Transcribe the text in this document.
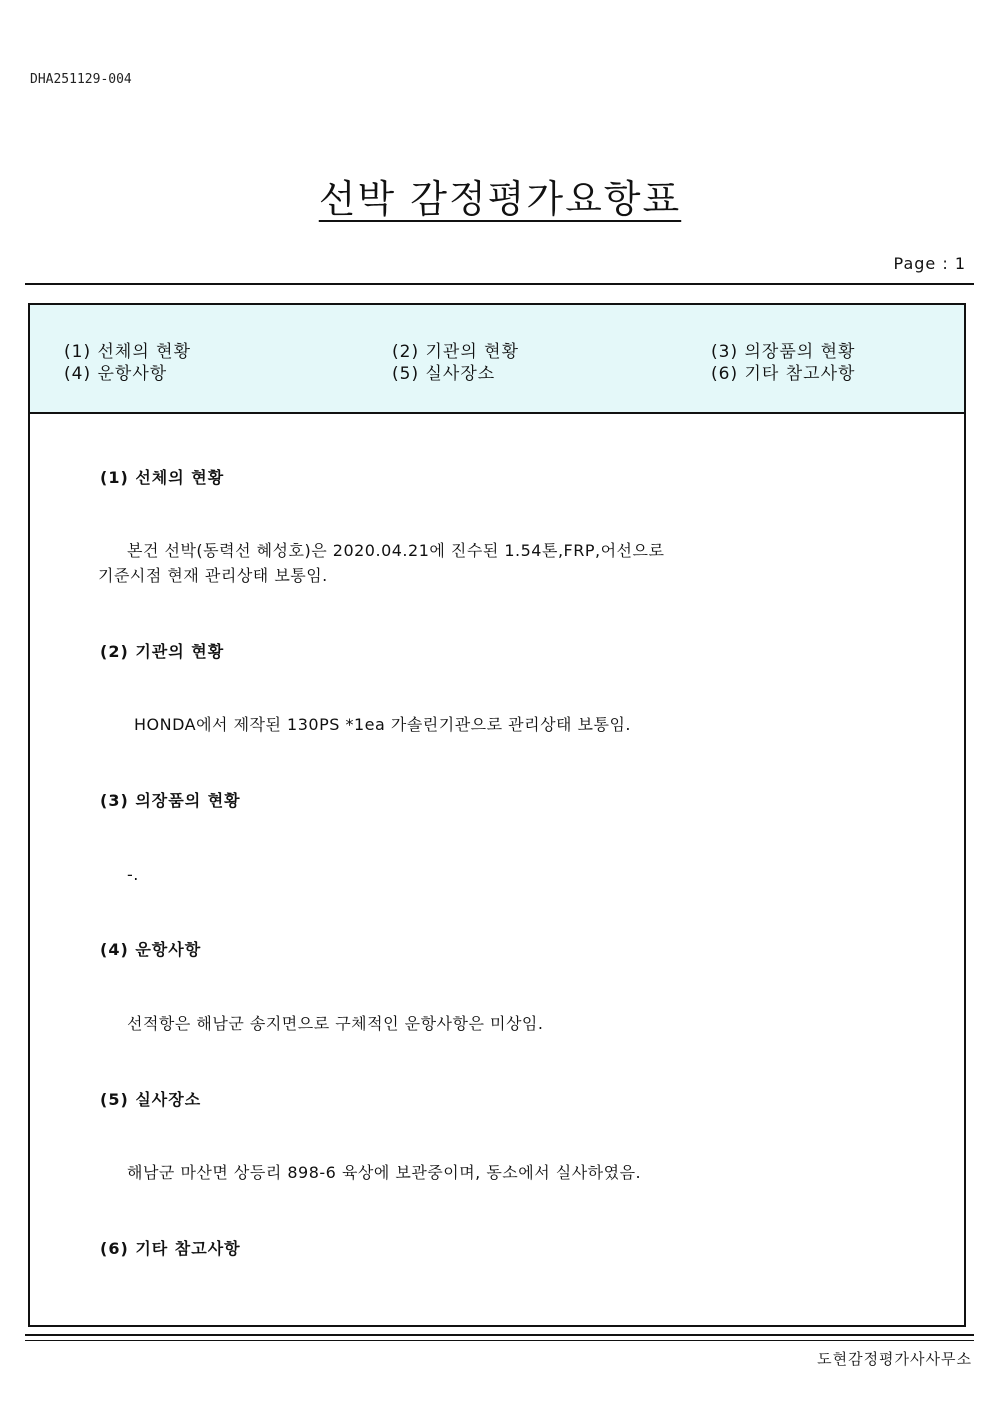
DHA251129-004
선박 감정평가요항표
Page : 1
(1) 선체의 현황	(2) 기관의 현황	(3) 의장품의 현황
(4) 운항사항	(5) 실사장소	(6) 기타 참고사항
(1) 선체의 현황
본건 선박(동력선 혜성호)은 2020.04.21에 진수된 1.54톤,FRP,어선으로
기준시점 현재 관리상태 보통임.
(2) 기관의 현황
HONDA에서 제작된 130PS *1ea 가솔린기관으로 관리상태 보통임.
(3) 의장품의 현황
-.
(4) 운항사항
선적항은 해남군 송지면으로 구체적인 운항사항은 미상임.
(5) 실사장소
해남군 마산면 상등리 898-6 육상에 보관중이며, 동소에서 실사하였음.
(6) 기타 참고사항
도현감정평가사사무소
